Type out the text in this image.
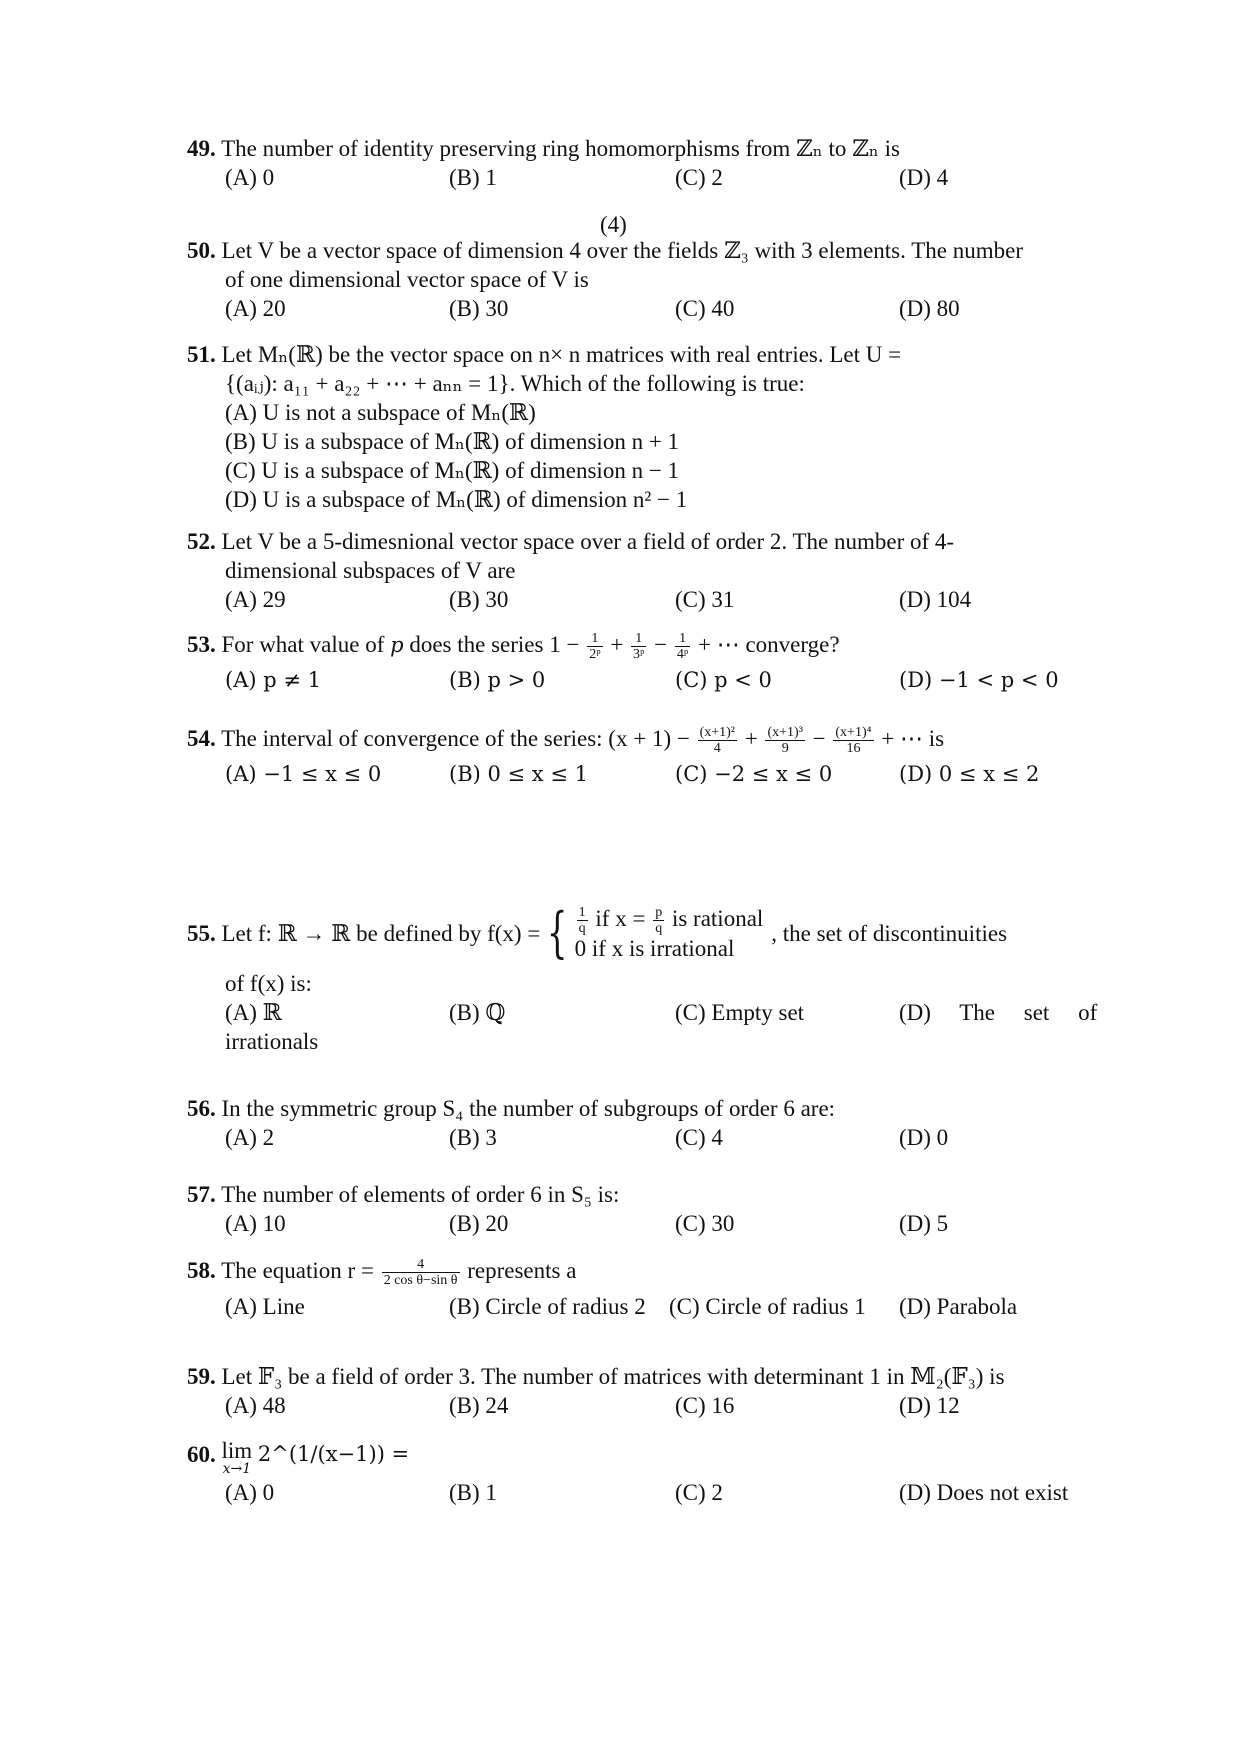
49. The number of identity preserving ring homomorphisms from ℤₙ to ℤₙ is
(A) 0	(B) 1	(C) 2	(D) 4
(4)
50. Let V be a vector space of dimension 4 over the fields ℤ₃ with 3 elements. The number
of one dimensional vector space of V is
(A) 20	(B) 30	(C) 40	(D) 80
51. Let Mₙ(ℝ) be the vector space on n× n matrices with real entries. Let U =
{(aᵢⱼ): a₁₁ + a₂₂ + ⋯ + aₙₙ = 1}. Which of the following is true:
(A) U is not a subspace of Mₙ(ℝ)
(B) U is a subspace of Mₙ(ℝ) of dimension n + 1
(C) U is a subspace of Mₙ(ℝ) of dimension n − 1
(D) U is a subspace of Mₙ(ℝ) of dimension n² − 1
52. Let V be a 5-dimesnional vector space over a field of order 2. The number of 4-
dimensional subspaces of V are
(A) 29	(B) 30	(C) 31	(D) 104
53. For what value of p does the series $1 - \frac{1}{\text{2ᵖ}} + \frac{1}{\text{3ᵖ}} - \frac{1}{\text{4ᵖ}}$ + ⋯ converge?
(A) p ≠ 1	(B) p > 0	(C) p < 0	(D) −1 < p < 0
54. The interval of convergence of the series: $(x + 1) - \frac{\text{(x+1)²}}{4} + \frac{\text{(x+1)³}}{9} - \frac{\text{(x+1)⁴}}{16}$ + ⋯ is
(A) −1 ≤ x ≤ 0	(B) 0 ≤ x ≤ 1	(C) −2 ≤ x ≤ 0	(D) 0 ≤ x ≤ 2
55.
Let f: ℝ → ℝ be defined by f(x) = { $\frac{1}{q}$ if $x = \frac{p}{q}$ is rational
0 if x is irrational
, the set of discontinuities
of f(x) is:
(A) ℝ	(B) ℚ	(C) Empty set	(D)     The     set     of
irrationals
56. In the symmetric group S₄ the number of subgroups of order 6 are:
(A) 2	(B) 3	(C) 4	(D) 0
57. The number of elements of order 6 in S₅ is:
(A) 10	(B) 20	(C) 30	(D) 5
58. The equation $r = \frac{4}{\text{2 cos θ−sin θ}}$ represents a
(A) Line	(B) Circle of radius 2 (C) Circle of radius 1 (D) Parabola
59. Let 𝔽₃ be a field of order 3. The number of matrices with determinant 1 in 𝕄₂(𝔽₃) is
(A) 48	(B) 24	(C) 16	(D) 12
60. lim
x→1
2^(1/(x−1)) =
(A) 0	(B) 1	(C) 2	(D) Does not exist
